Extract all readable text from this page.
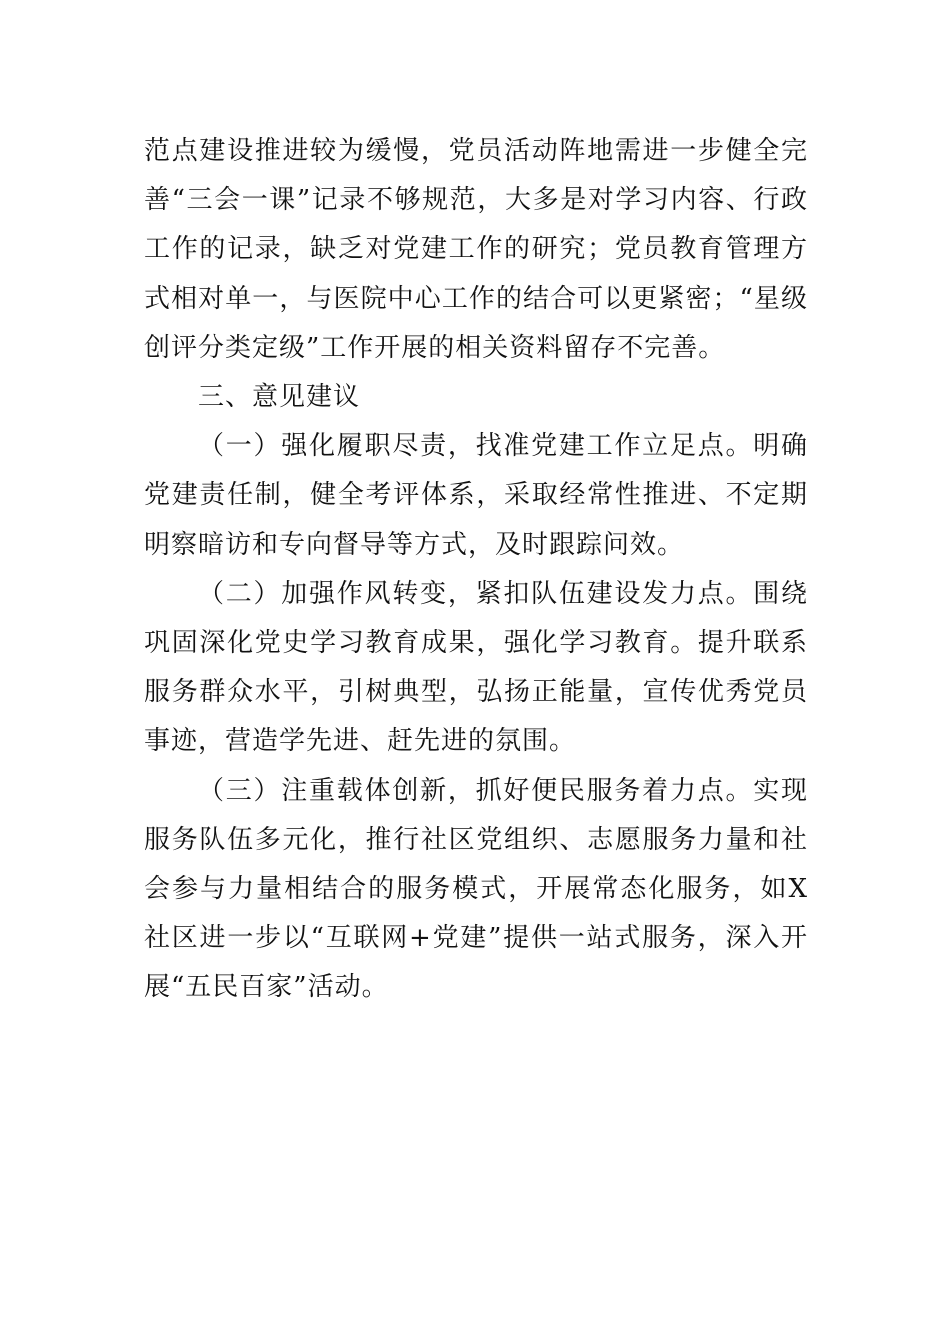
范点建设推进较为缓慢，党员活动阵地需进一步健全完善“三会一课”记录不够规范，大多是对学习内容、行政工作的记录，缺乏对党建工作的研究；党员教育管理方式相对单一，与医院中心工作的结合可以更紧密；“星级创评分类定级”工作开展的相关资料留存不完善。

三、意见建议

（一）强化履职尽责，找准党建工作立足点。明确党建责任制，健全考评体系，采取经常性推进、不定期明察暗访和专向督导等方式，及时跟踪问效。

（二）加强作风转变，紧扣队伍建设发力点。围绕巩固深化党史学习教育成果，强化学习教育。提升联系服务群众水平，引树典型，弘扬正能量，宣传优秀党员事迹，营造学先进、赶先进的氛围。

（三）注重载体创新，抓好便民服务着力点。实现服务队伍多元化，推行社区党组织、志愿服务力量和社会参与力量相结合的服务模式，开展常态化服务，如X社区进一步以“互联网+党建”提供一站式服务，深入开展“五民百家”活动。
